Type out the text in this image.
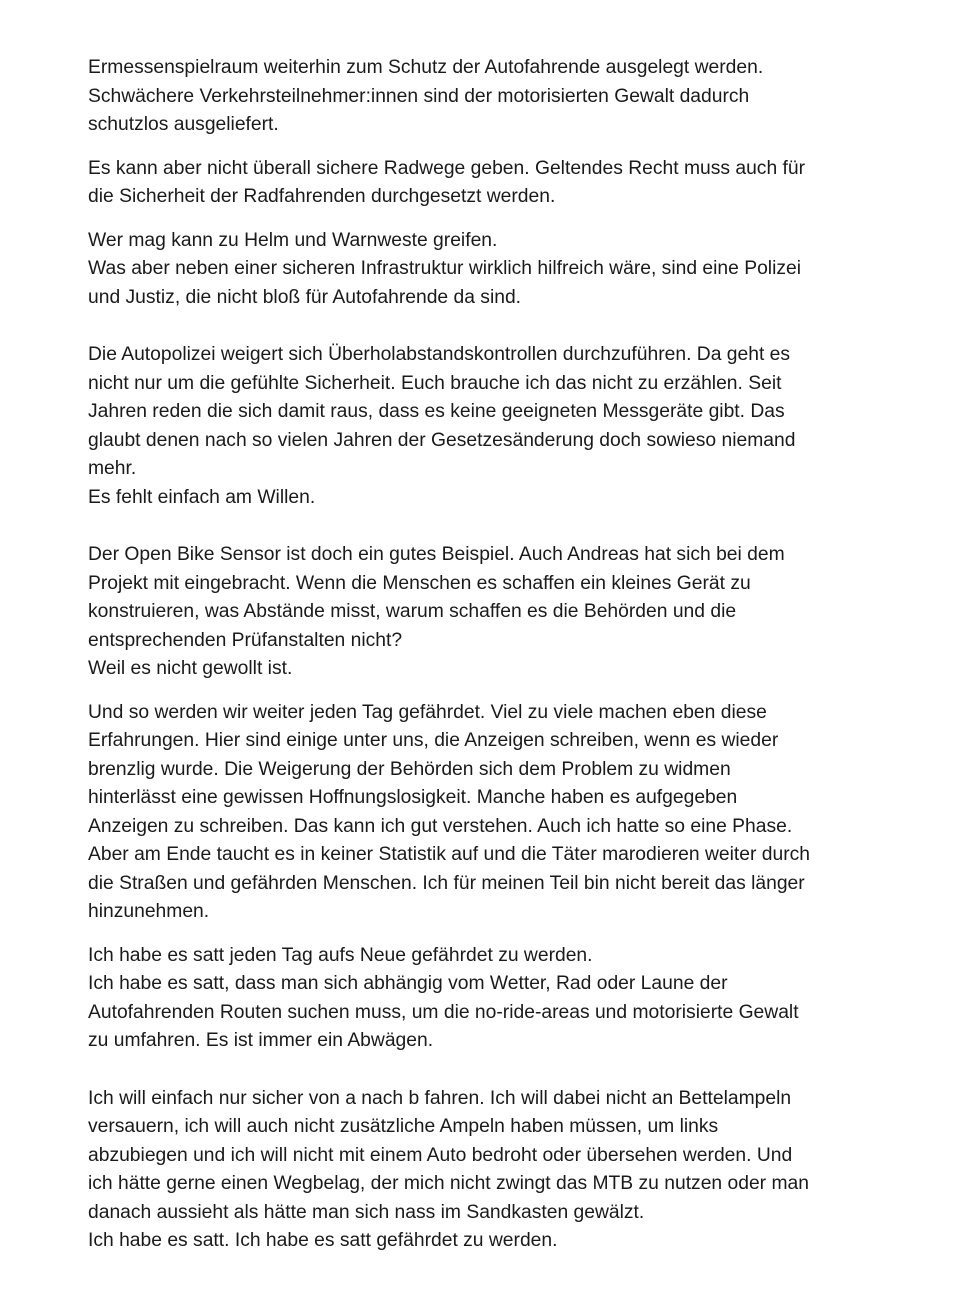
Ermessenspielraum weiterhin zum Schutz der Autofahrende ausgelegt werden.
Schwächere Verkehrsteilnehmer:innen sind der motorisierten Gewalt dadurch
schutzlos ausgeliefert.
Es kann aber nicht überall sichere Radwege geben. Geltendes Recht muss auch für
die Sicherheit der Radfahrenden durchgesetzt werden.
Wer mag kann zu Helm und Warnweste greifen.
Was aber neben einer sicheren Infrastruktur wirklich hilfreich wäre, sind eine Polizei
und Justiz, die nicht bloß für Autofahrende da sind.
Die Autopolizei weigert sich Überholabstandskontrollen durchzuführen. Da geht es
nicht nur um die gefühlte Sicherheit. Euch brauche ich das nicht zu erzählen. Seit
Jahren reden die sich damit raus, dass es keine geeigneten Messgeräte gibt. Das
glaubt denen nach so vielen Jahren der Gesetzesänderung doch sowieso niemand
mehr.
Es fehlt einfach am Willen.
Der Open Bike Sensor ist doch ein gutes Beispiel. Auch Andreas hat sich bei dem
Projekt mit eingebracht. Wenn die Menschen es schaffen ein kleines Gerät zu
konstruieren, was Abstände misst, warum schaffen es die Behörden und die
entsprechenden Prüfanstalten nicht?
Weil es nicht gewollt ist.
Und so werden wir weiter jeden Tag gefährdet. Viel zu viele machen eben diese
Erfahrungen. Hier sind einige unter uns, die Anzeigen schreiben, wenn es wieder
brenzlig wurde. Die Weigerung der Behörden sich dem Problem zu widmen
hinterlässt eine gewissen Hoffnungslosigkeit. Manche haben es aufgegeben
Anzeigen zu schreiben. Das kann ich gut verstehen. Auch ich hatte so eine Phase.
Aber am Ende taucht es in keiner Statistik auf und die Täter marodieren weiter durch
die Straßen und gefährden Menschen. Ich für meinen Teil bin nicht bereit das länger
hinzunehmen.
Ich habe es satt jeden Tag aufs Neue gefährdet zu werden.
Ich habe es satt, dass man sich abhängig vom Wetter, Rad oder Laune der
Autofahrenden Routen suchen muss, um die no-ride-areas und motorisierte Gewalt
zu umfahren. Es ist immer ein Abwägen.
Ich will einfach nur sicher von a nach b fahren. Ich will dabei nicht an Bettelampeln
versauern, ich will auch nicht zusätzliche Ampeln haben müssen, um links
abzubiegen und ich will nicht mit einem Auto bedroht oder übersehen werden. Und
ich hätte gerne einen Wegbelag, der mich nicht zwingt das MTB zu nutzen oder man
danach aussieht als hätte man sich nass im Sandkasten gewälzt.
Ich habe es satt. Ich habe es satt gefährdet zu werden.
